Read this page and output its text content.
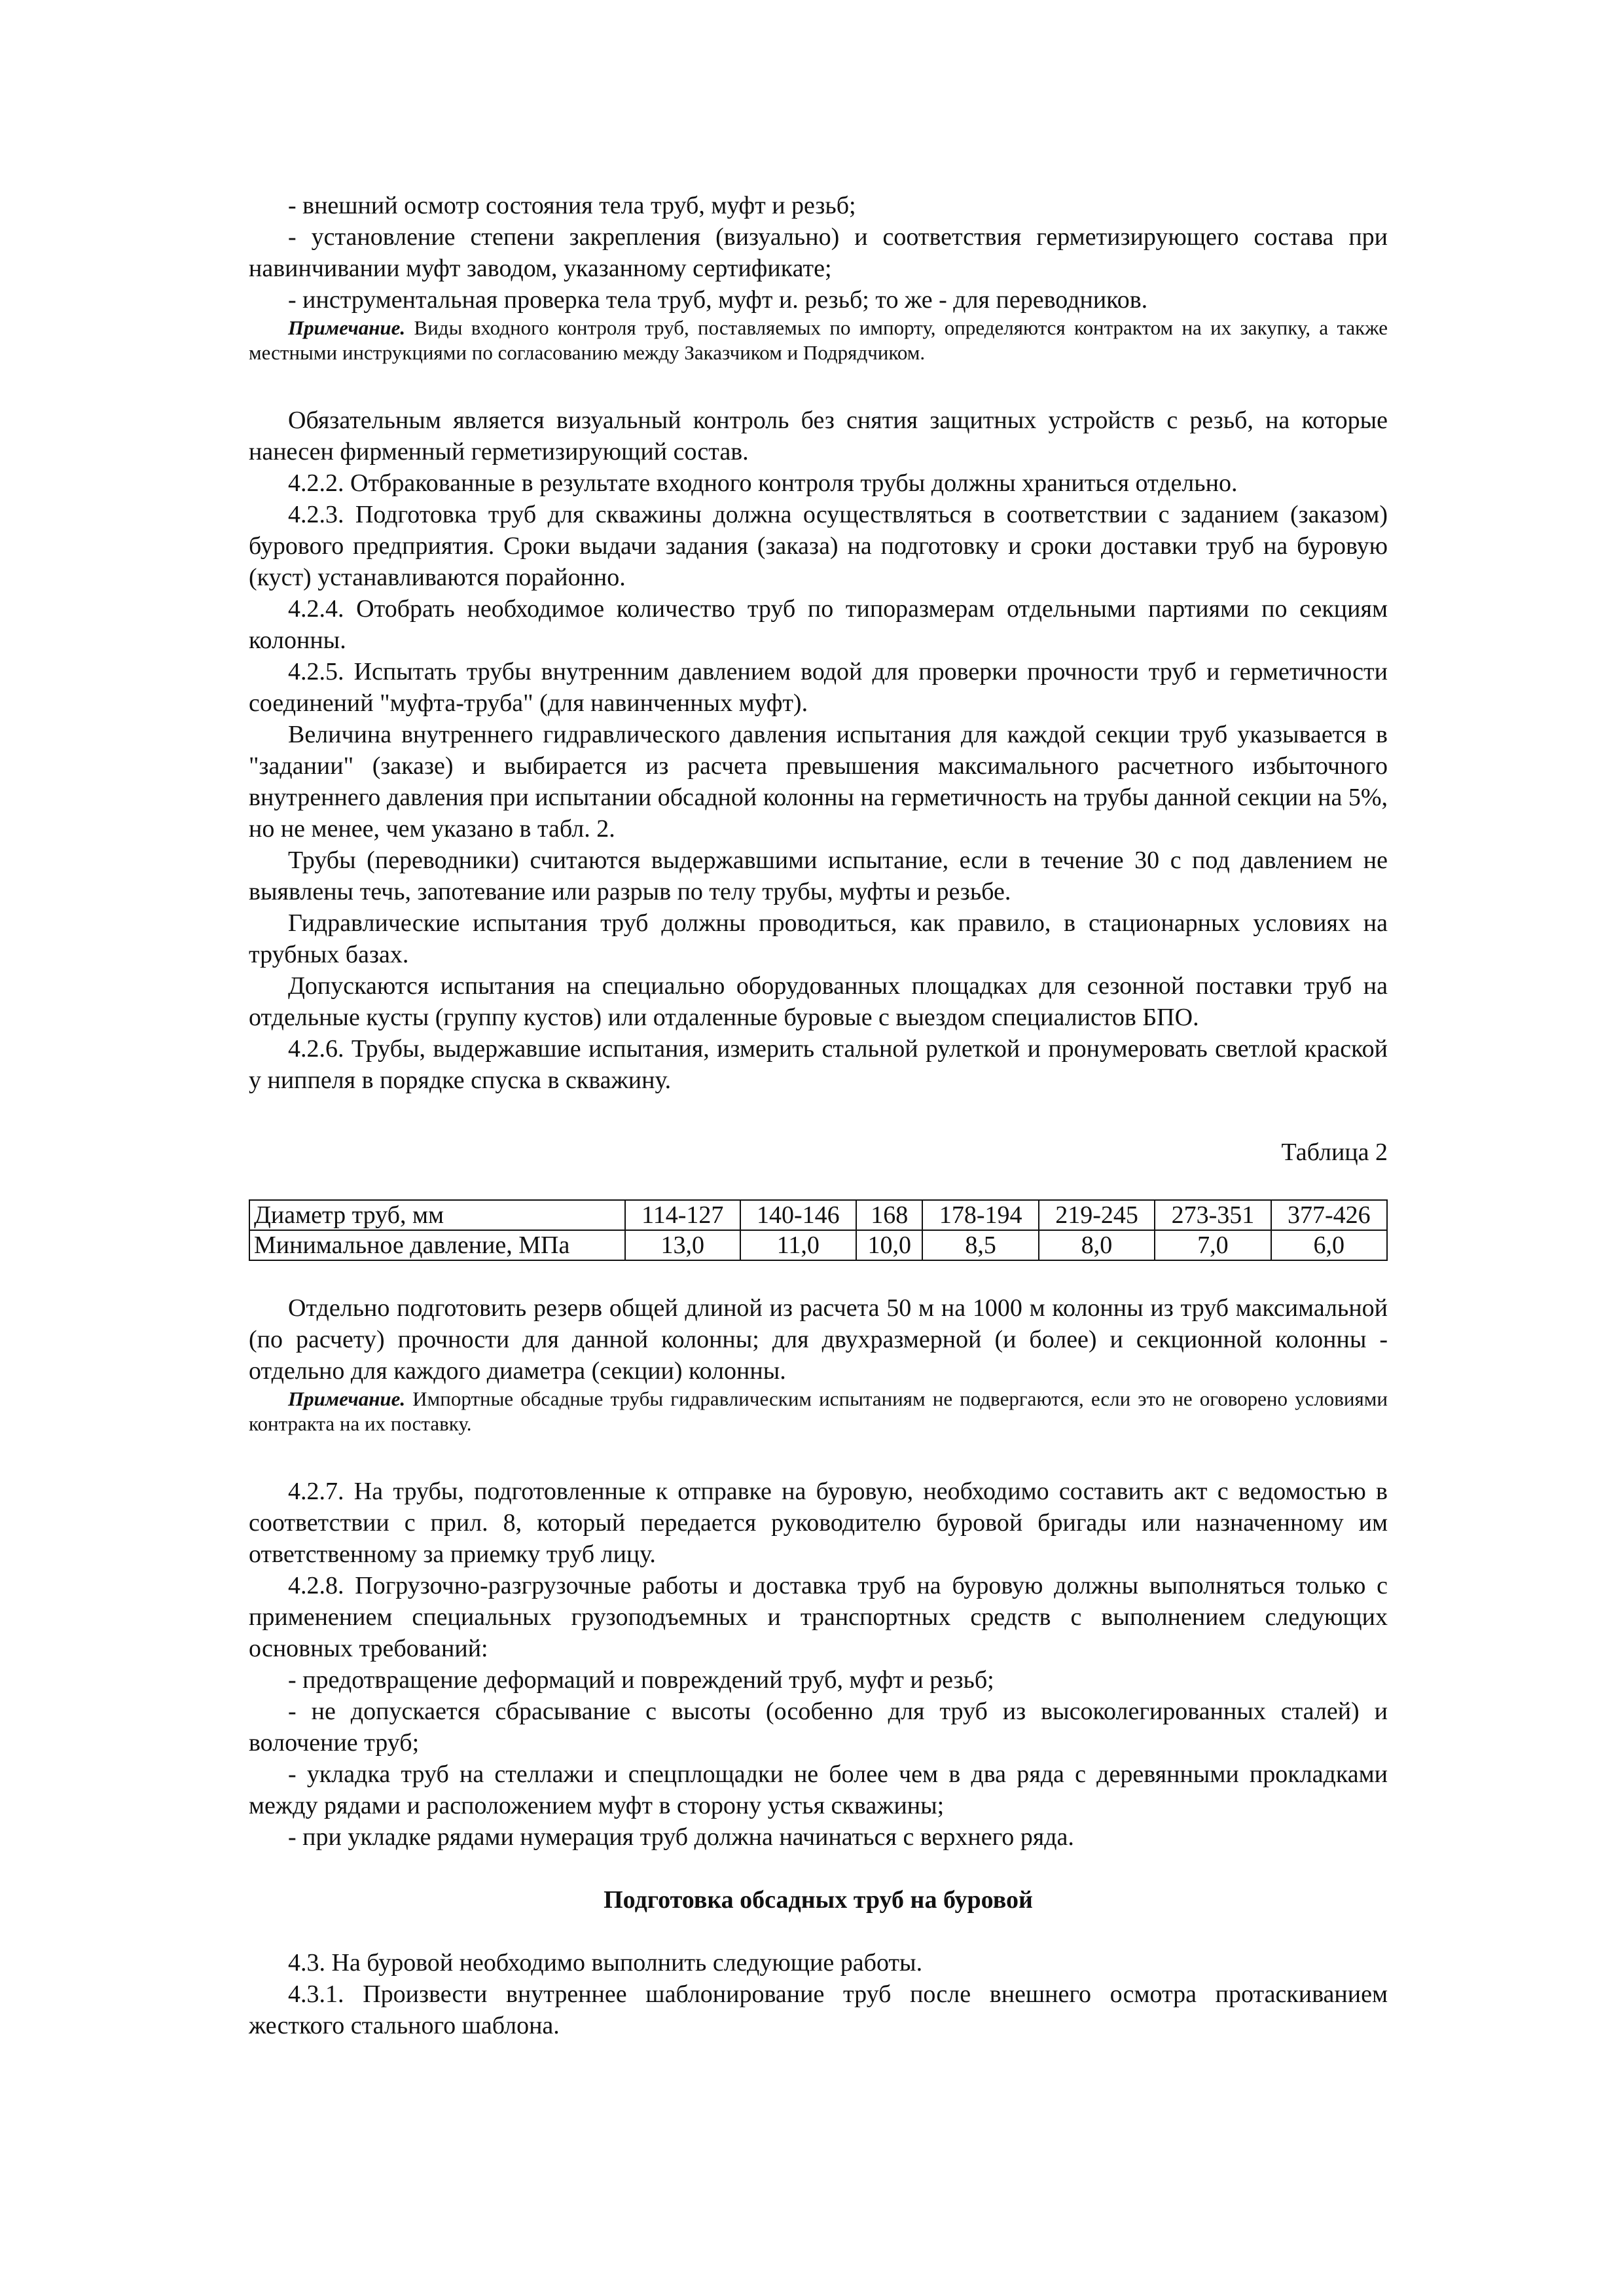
- внешний осмотр состояния тела труб, муфт и резьб;

- установление степени закрепления (визуально) и соответствия герметизирующего состава при навинчивании муфт заводом, указанному сертификате;

- инструментальная проверка тела труб, муфт и. резьб; то же - для переводников.

Примечание. Виды входного контроля труб, поставляемых по импорту, определяются контрактом на их закупку, а также местными инструкциями по согласованию между Заказчиком и Подрядчиком.

Обязательным является визуальный контроль без снятия защитных устройств с резьб, на которые нанесен фирменный герметизирующий состав.

4.2.2. Отбракованные в результате входного контроля трубы должны храниться отдельно.

4.2.3. Подготовка труб для скважины должна осуществляться в соответствии с заданием (заказом) бурового предприятия. Сроки выдачи задания (заказа) на подготовку и сроки доставки труб на буровую (куст) устанавливаются порайонно.

4.2.4. Отобрать необходимое количество труб по типоразмерам отдельными партиями по секциям колонны.

4.2.5. Испытать трубы внутренним давлением водой для проверки прочности труб и герметичности соединений "муфта-труба" (для навинченных муфт).

Величина внутреннего гидравлического давления испытания для каждой секции труб указывается в "задании" (заказе) и выбирается из расчета превышения максимального расчетного избыточного внутреннего давления при испытании обсадной колонны на герметичность на трубы данной секции на 5%, но не менее, чем указано в табл. 2.

Трубы (переводники) считаются выдержавшими испытание, если в течение 30 с под давлением не выявлены течь, запотевание или разрыв по телу трубы, муфты и резьбе.

Гидравлические испытания труб должны проводиться, как правило, в стационарных условиях на трубных базах.

Допускаются испытания на специально оборудованных площадках для сезонной поставки труб на отдельные кусты (группу кустов) или отдаленные буровые с выездом специалистов БПО.

4.2.6. Трубы, выдержавшие испытания, измерить стальной рулеткой и пронумеровать светлой краской у ниппеля в порядке спуска в скважину.

Таблица 2
Диаметр труб, мм	114-127	140-146	168	178-194	219-245	273-351	377-426
Минимальное давление, МПа	13,0	11,0	10,0	8,5	8,0	7,0	6,0

Отдельно подготовить резерв общей длиной из расчета 50 м на 1000 м колонны из труб максимальной (по расчету) прочности для данной колонны; для двухразмерной (и более) и секционной колонны - отдельно для каждого диаметра (секции) колонны.

Примечание. Импортные обсадные трубы гидравлическим испытаниям не подвергаются, если это не оговорено условиями контракта на их поставку.

4.2.7. На трубы, подготовленные к отправке на буровую, необходимо составить акт с ведомостью в соответствии с прил. 8, который передается руководителю буровой бригады или назначенному им ответственному за приемку труб лицу.

4.2.8. Погрузочно-разгрузочные работы и доставка труб на буровую должны выполняться только с применением специальных грузоподъемных и транспортных средств с выполнением следующих основных требований:

- предотвращение деформаций и повреждений труб, муфт и резьб;

- не допускается сбрасывание с высоты (особенно для труб из высоколегированных сталей) и волочение труб;

- укладка труб на стеллажи и спецплощадки не более чем в два ряда с деревянными прокладками между рядами и расположением муфт в сторону устья скважины;

- при укладке рядами нумерация труб должна начинаться с верхнего ряда.

Подготовка обсадных труб на буровой

4.3. На буровой необходимо выполнить следующие работы.

4.3.1. Произвести внутреннее шаблонирование труб после внешнего осмотра протаскиванием жесткого стального шаблона.
